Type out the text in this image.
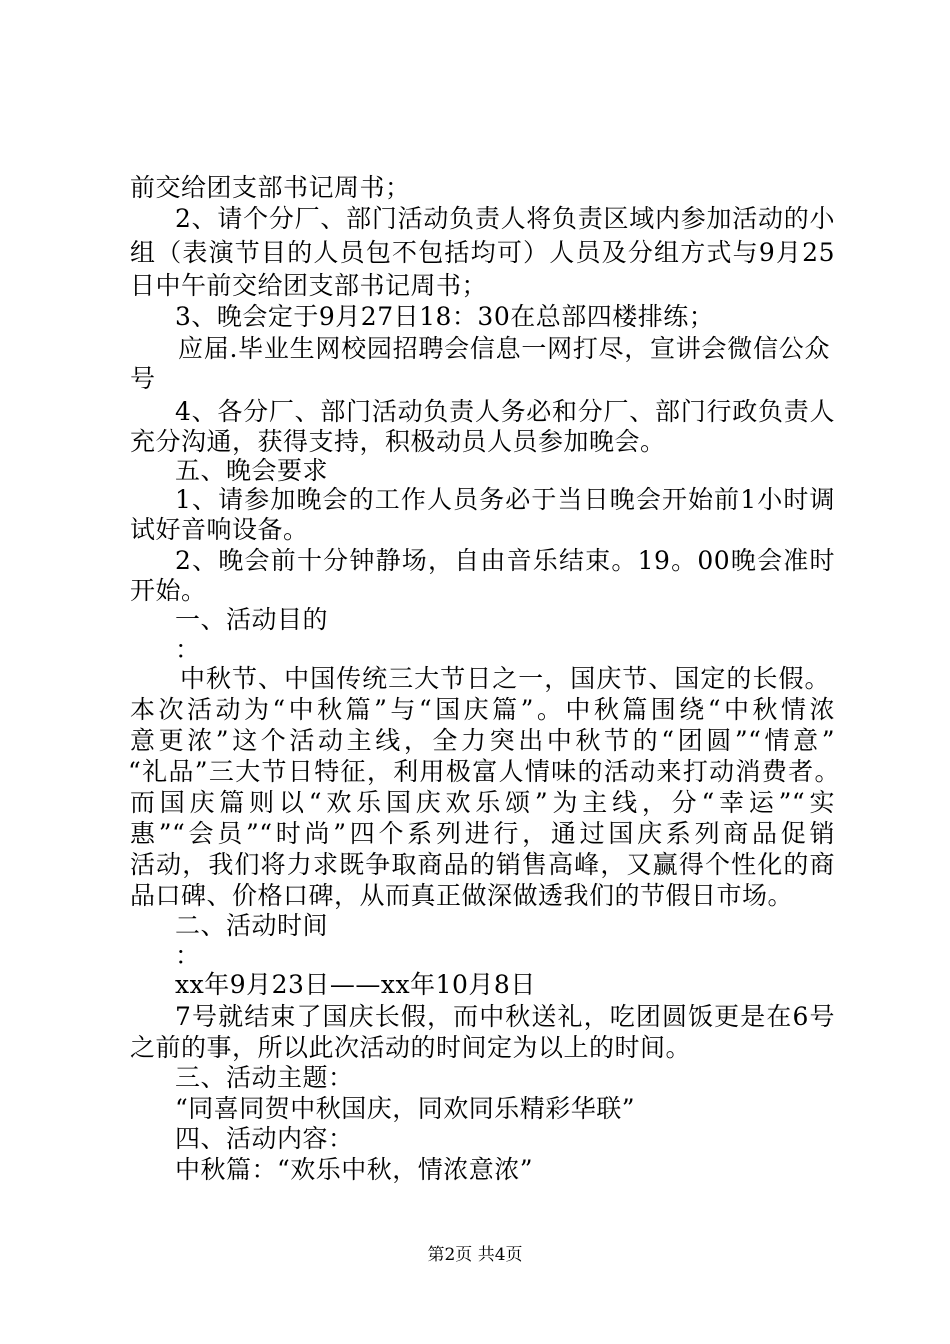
前交给团支部书记周书；
2、请个分厂、部门活动负责人将负责区域内参加活动的小
组（表演节目的人员包不包括均可）人员及分组方式与9月25
日中午前交给团支部书记周书；
3、晚会定于9月27日18：30在总部四楼排练；
应届.毕业生网校园招聘会信息一网打尽，宣讲会微信公众
号
4、各分厂、部门活动负责人务必和分厂、部门行政负责人
充分沟通，获得支持，积极动员人员参加晚会。
五、晚会要求
1、请参加晚会的工作人员务必于当日晚会开始前1小时调
试好音响设备。
2、晚会前十分钟静场，自由音乐结束。19。00晚会准时
开始。
一、活动目的
：
中秋节、中国传统三大节日之一，国庆节、国定的长假。
本次活动为“中秋篇”与“国庆篇”。中秋篇围绕“中秋情浓
意更浓”这个活动主线，全力突出中秋节的“团圆”“情意”
“礼品”三大节日特征，利用极富人情味的活动来打动消费者。
而国庆篇则以“欢乐国庆欢乐颂”为主线，分“幸运”“实
惠”“会员”“时尚”四个系列进行，通过国庆系列商品促销
活动，我们将力求既争取商品的销售高峰，又赢得个性化的商
品口碑、价格口碑，从而真正做深做透我们的节假日市场。
二、活动时间
：
xx年9月23日——xx年10月8日
7号就结束了国庆长假，而中秋送礼，吃团圆饭更是在6号
之前的事，所以此次活动的时间定为以上的时间。
三、活动主题：
“同喜同贺中秋国庆，同欢同乐精彩华联”
四、活动内容：
中秋篇：“欢乐中秋，情浓意浓”
第2页 共4页
